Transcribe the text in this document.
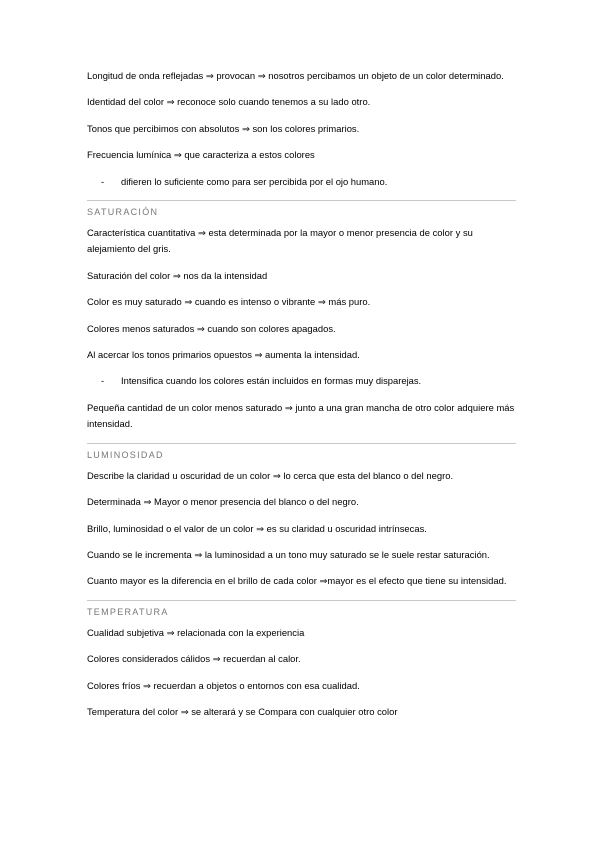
Longitud de onda reflejadas ⇒ provocan ⇒ nosotros percibamos un objeto de un color determinado.

Identidad del color ⇒ reconoce solo cuando tenemos a su lado otro.

Tonos que percibimos con absolutos ⇒ son los colores primarios.

Frecuencia lumínica ⇒ que caracteriza a estos colores

-	difieren lo suficiente como para ser percibida por el ojo humano.
SATURACIÓN

Característica cuantitativa ⇒ esta determinada por la mayor o menor presencia de color y su alejamiento del gris.

Saturación del color ⇒ nos da la intensidad

Color es muy saturado ⇒ cuando es intenso o vibrante ⇒ más puro.

Colores menos saturados ⇒ cuando son colores apagados.

Al acercar los tonos primarios opuestos ⇒ aumenta la intensidad.

-	Intensifica cuando los colores están incluidos en formas muy disparejas.

Pequeña cantidad de un color menos saturado ⇒ junto a una gran mancha de otro color adquiere más intensidad.

LUMINOSIDAD

Describe la claridad u oscuridad de un color ⇒ lo cerca que esta del blanco o del negro.

Determinada ⇒ Mayor o menor presencia del blanco o del negro.

Brillo, luminosidad o el valor de un color ⇒ es su claridad u oscuridad intrínsecas.

Cuando se le incrementa ⇒ la luminosidad a un tono muy saturado se le suele restar saturación.

Cuanto mayor es la diferencia en el brillo de cada color ⇒mayor es el efecto que tiene su intensidad.

TEMPERATURA

Cualidad subjetiva ⇒ relacionada con la experiencia

Colores considerados cálidos ⇒ recuerdan al calor.

Colores fríos ⇒ recuerdan a objetos o entornos con esa cualidad.

Temperatura del color ⇒ se alterará y se Compara con cualquier otro color
